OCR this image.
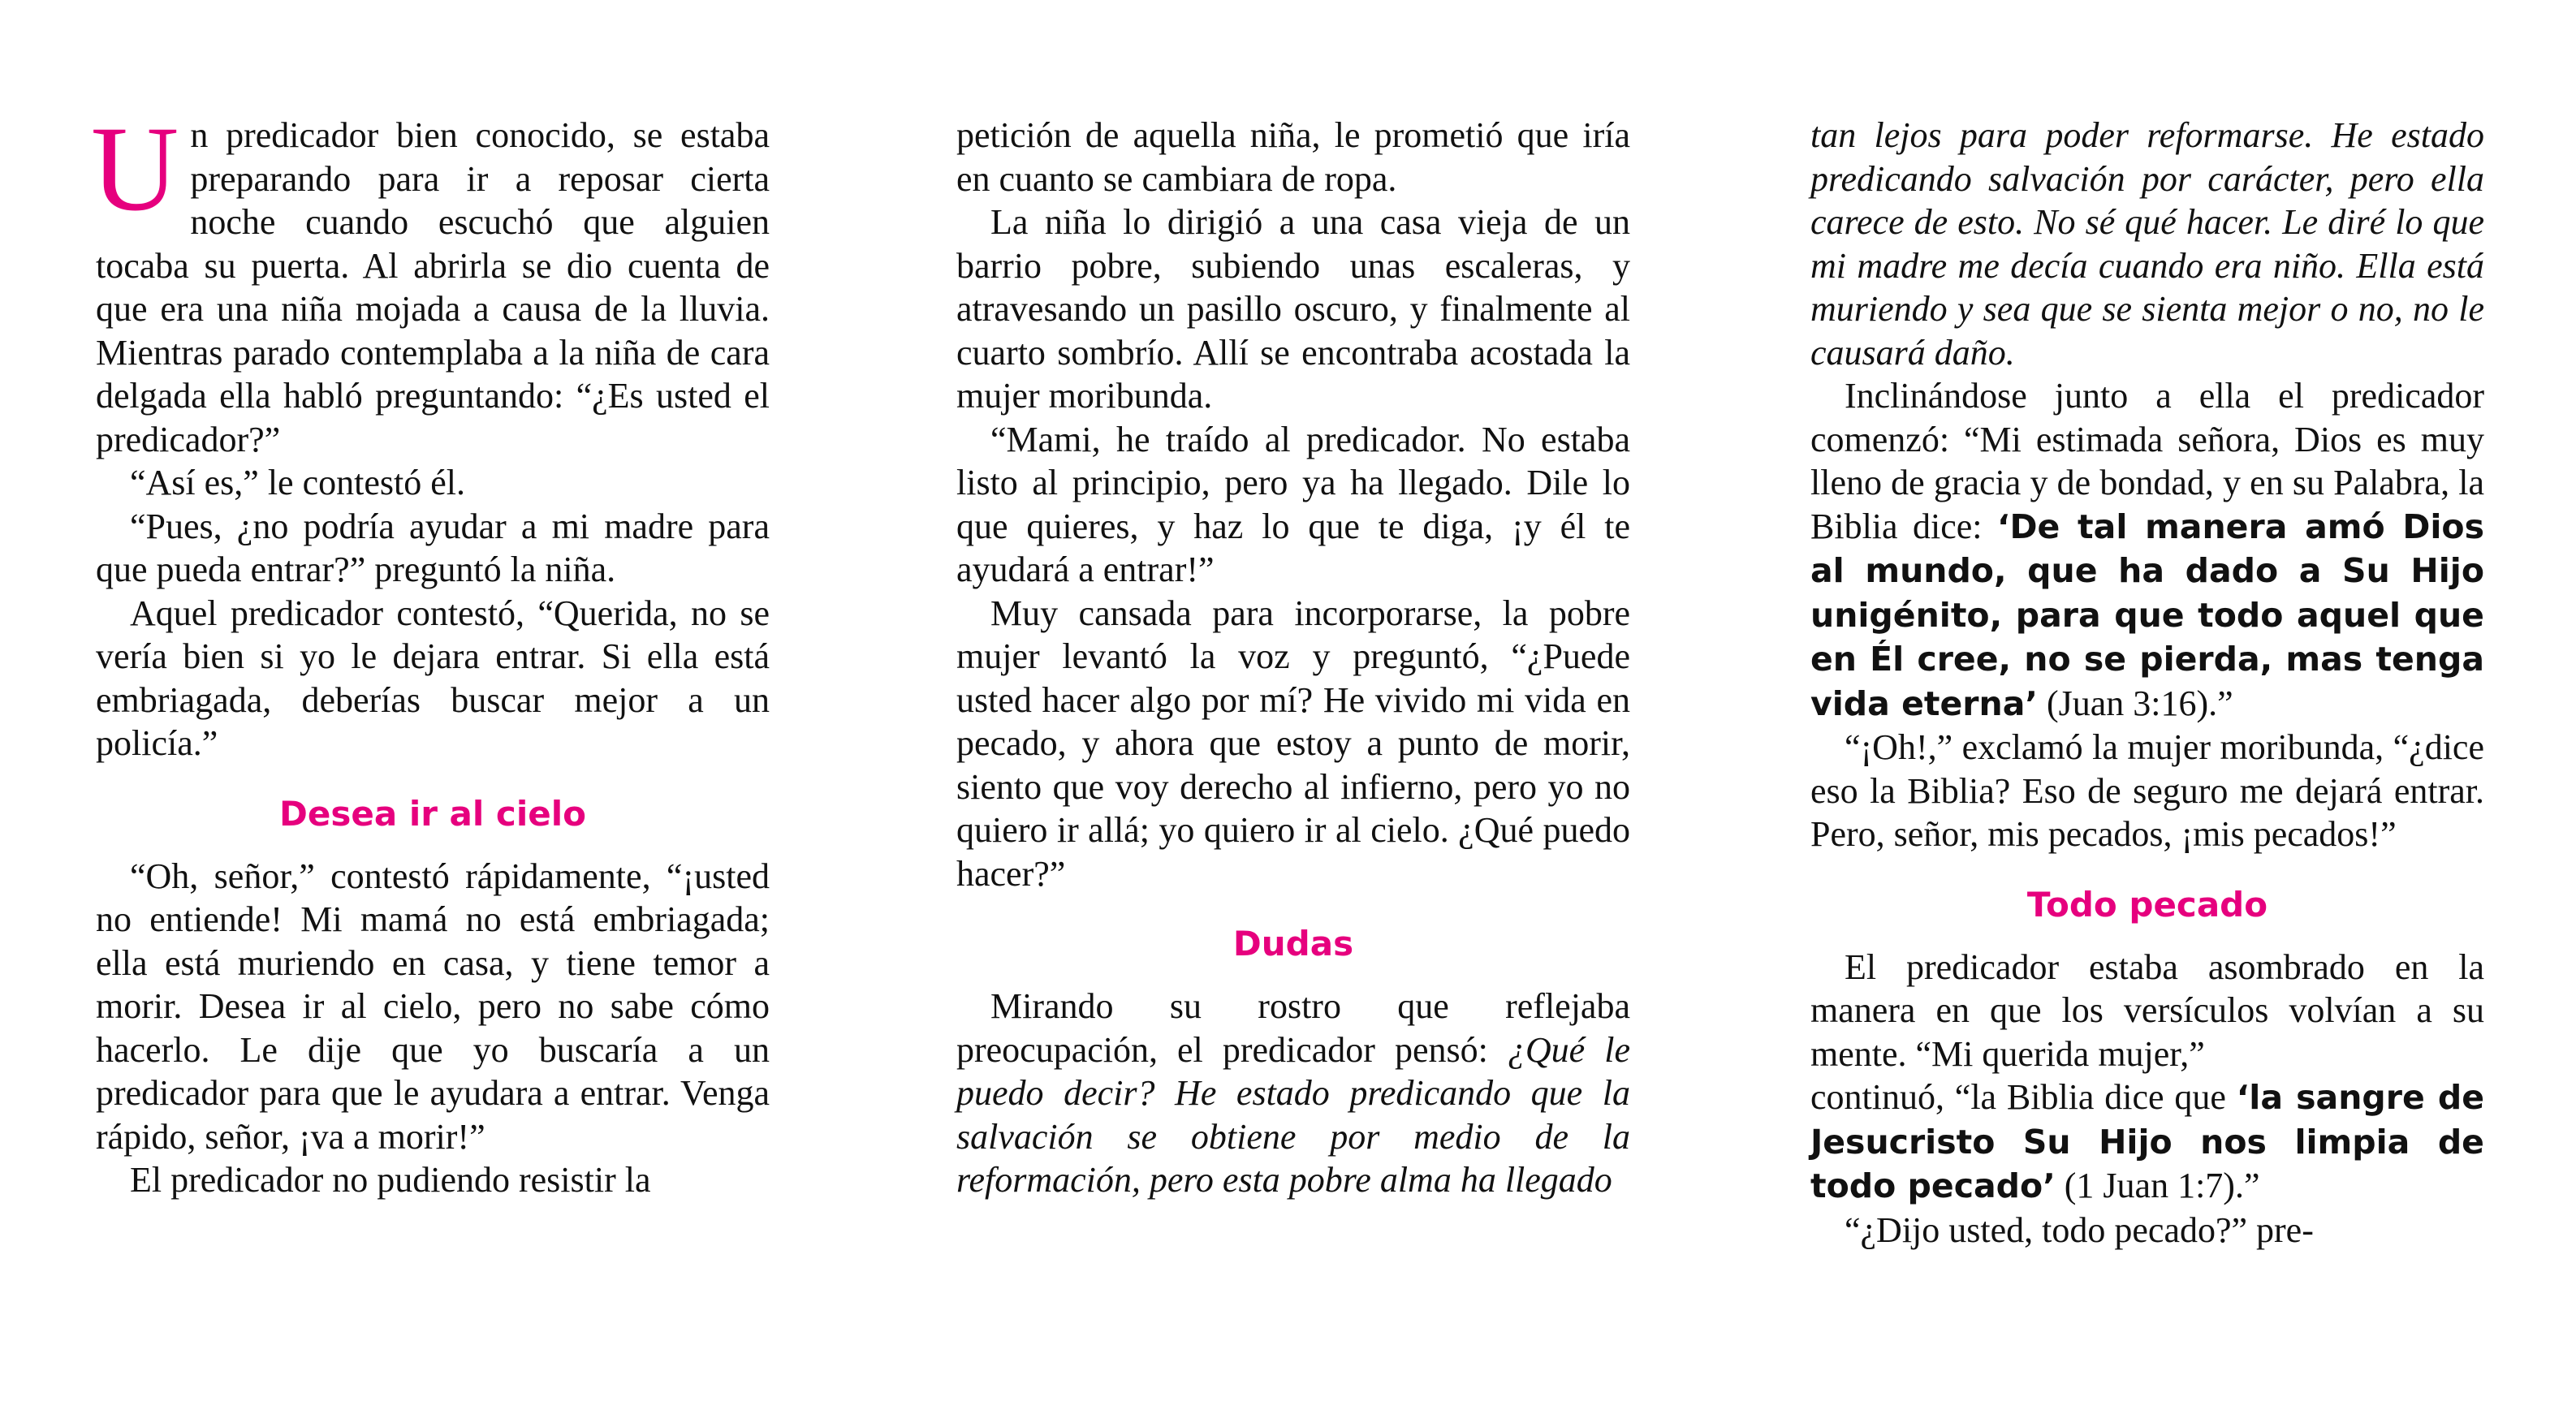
Un predicador bien conocido, se estaba preparando para ir a reposar cierta noche cuando escuchó que alguien tocaba su puerta. Al abrirla se dio cuenta de que era una niña mojada a causa de la lluvia. Mientras parado contemplaba a la niña de cara delgada ella habló preguntando: “¿Es usted el predicador?”

“Así es,” le contestó él.

“Pues, ¿no podría ayudar a mi madre para que pueda entrar?” preguntó la niña.

Aquel predicador contestó, “Querida, no se vería bien si yo le dejara entrar. Si ella está embriagada, deberías buscar mejor a un policía.”

Desea ir al cielo

“Oh, señor,” contestó rápidamente, “¡usted no entiende! Mi mamá no está embriagada; ella está muriendo en casa, y tiene temor a morir. Desea ir al cielo, pero no sabe cómo hacerlo. Le dije que yo buscaría a un predicador para que le ayudara a entrar. Venga rápido, señor, ¡va a morir!”

El predicador no pudiendo resistir la

petición de aquella niña, le prometió que iría en cuanto se cambiara de ropa.

La niña lo dirigió a una casa vieja de un barrio pobre, subiendo unas escaleras, y atravesando un pasillo oscuro, y finalmente al cuarto sombrío. Allí se encontraba acostada la mujer moribunda.

“Mami, he traído al predicador. No estaba listo al principio, pero ya ha llegado. Dile lo que quieres, y haz lo que te diga, ¡y él te ayudará a entrar!”

Muy cansada para incorporarse, la pobre mujer levantó la voz y preguntó, “¿Puede usted hacer algo por mí? He vivido mi vida en pecado, y ahora que estoy a punto de morir, siento que voy derecho al infierno, pero yo no quiero ir allá; yo quiero ir al cielo. ¿Qué puedo hacer?”

Dudas

Mirando su rostro que reflejaba preocupación, el predicador pensó: ¿Qué le puedo decir? He estado predicando que la salvación se obtiene por medio de la reformación, pero esta pobre alma ha llegado

tan lejos para poder reformarse. He estado predicando salvación por carácter, pero ella carece de esto. No sé qué hacer. Le diré lo que mi madre me decía cuando era niño. Ella está muriendo y sea que se sienta mejor o no, no le causará daño.

Inclinándose junto a ella el predicador comenzó: “Mi estimada señora, Dios es muy lleno de gracia y de bondad, y en su Palabra, la Biblia dice: ‘De tal manera amó Dios al mundo, que ha dado a Su Hijo unigénito, para que todo aquel que en Él cree, no se pierda, mas tenga vida eterna’ (Juan 3:16).”

“¡Oh!,” exclamó la mujer moribunda, “¿dice eso la Biblia? Eso de seguro me dejará entrar. Pero, señor, mis pecados, ¡mis pecados!”

Todo pecado

El predicador estaba asombrado en la manera en que los versículos volvían a su mente. “Mi querida mujer,”

continuó, “la Biblia dice que ‘la sangre de Jesucristo Su Hijo nos limpia de todo pecado’ (1 Juan 1:7).”

“¿Dijo usted, todo pecado?” pre-
